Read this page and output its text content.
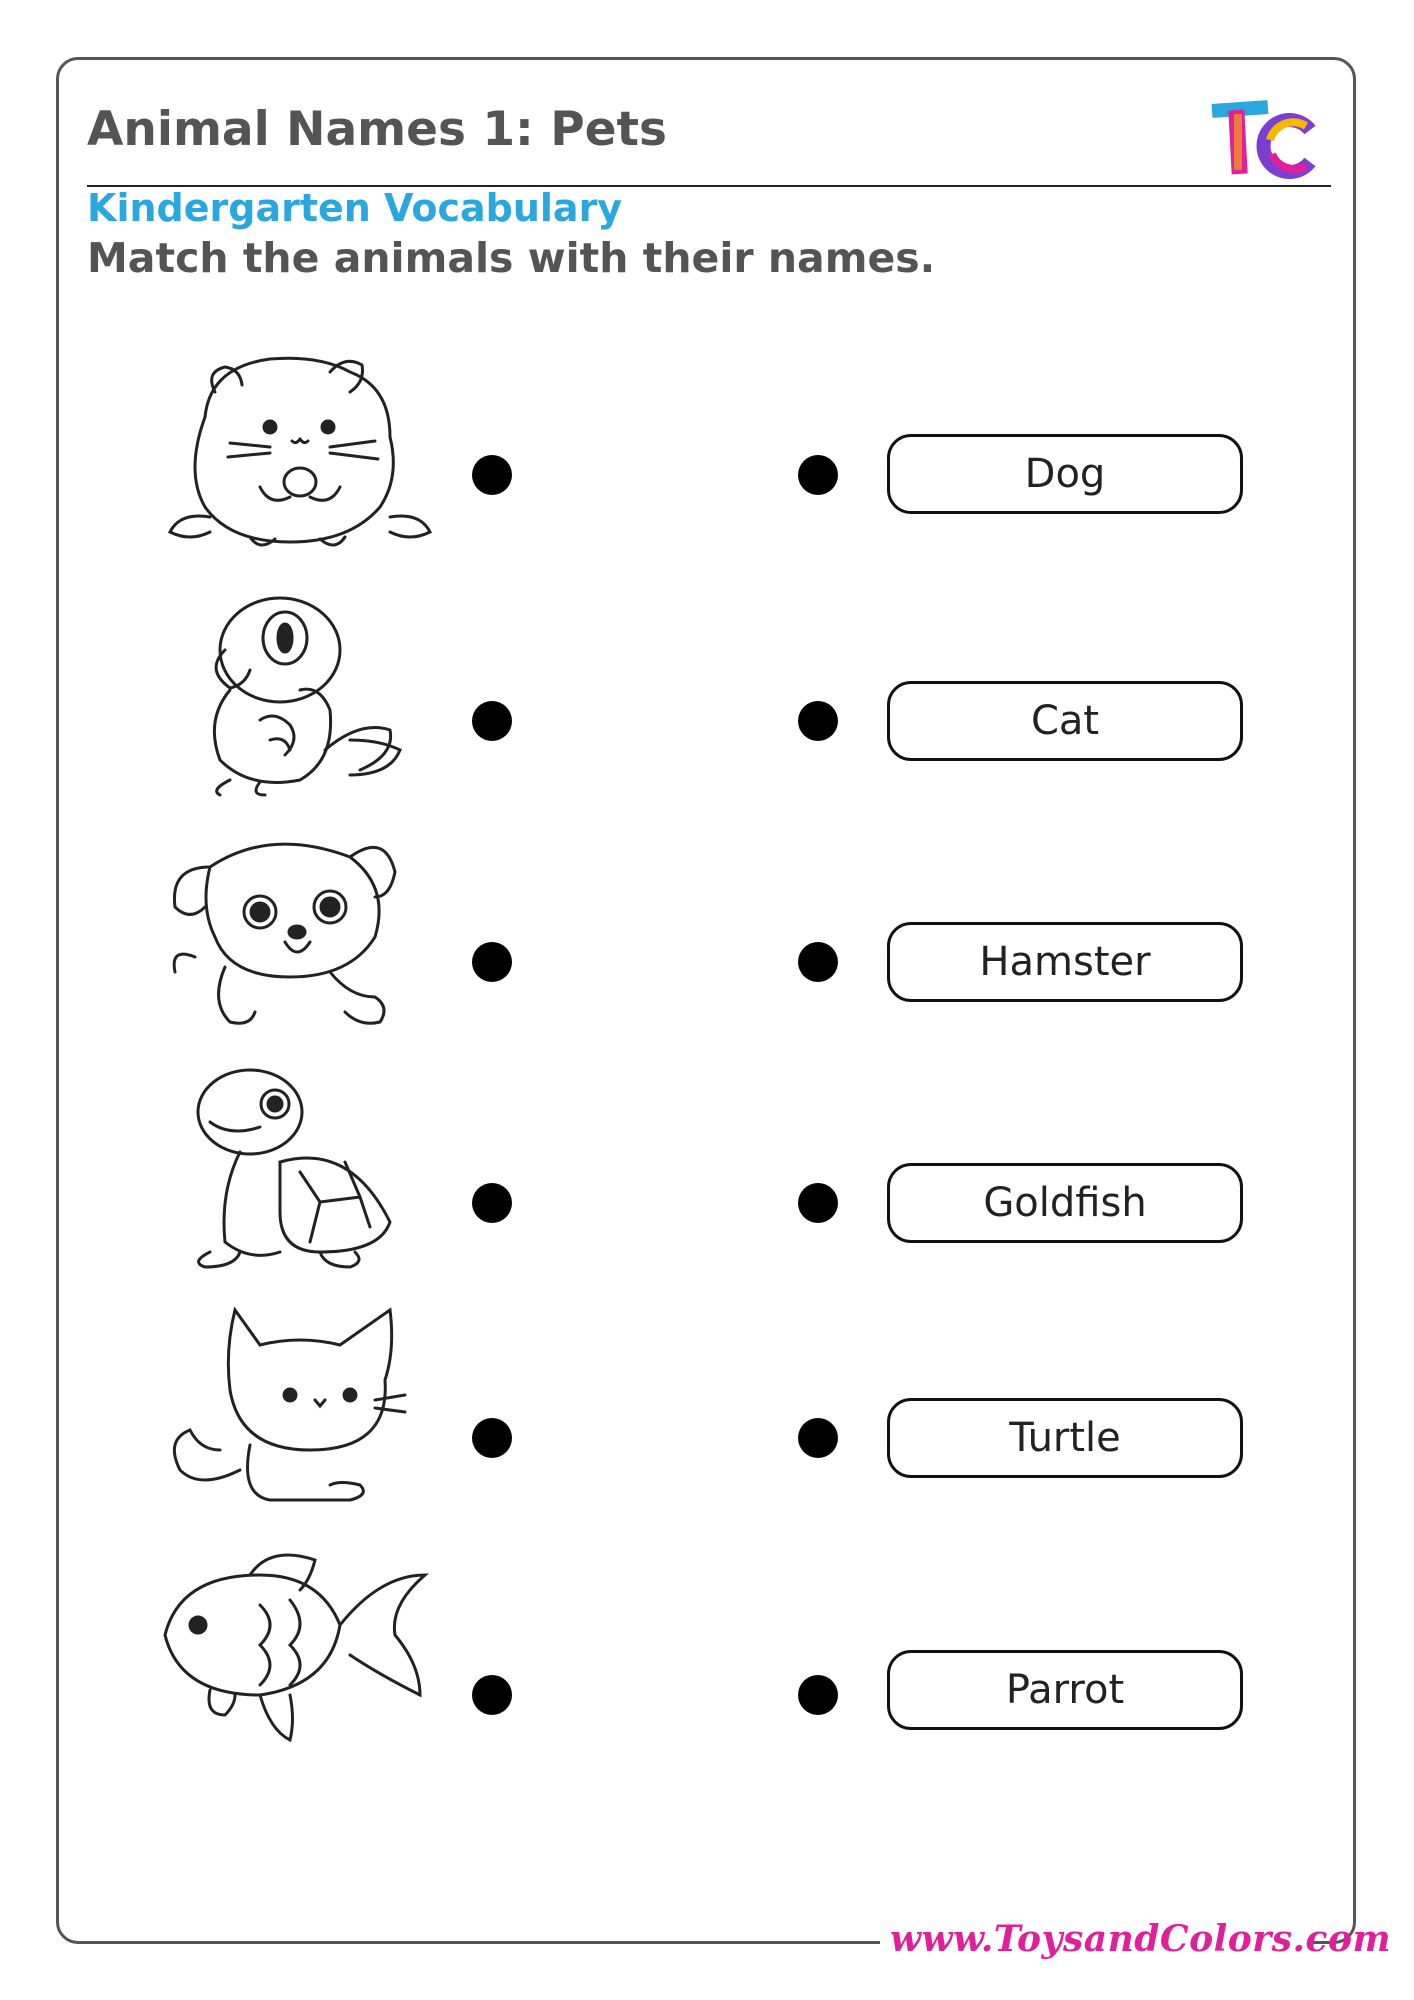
Animal Names 1: Pets
Kindergarten Vocabulary
Match the animals with their names.
Dog
Cat
Hamster
Goldfish
Turtle
Parrot
www.ToysandColors.com
